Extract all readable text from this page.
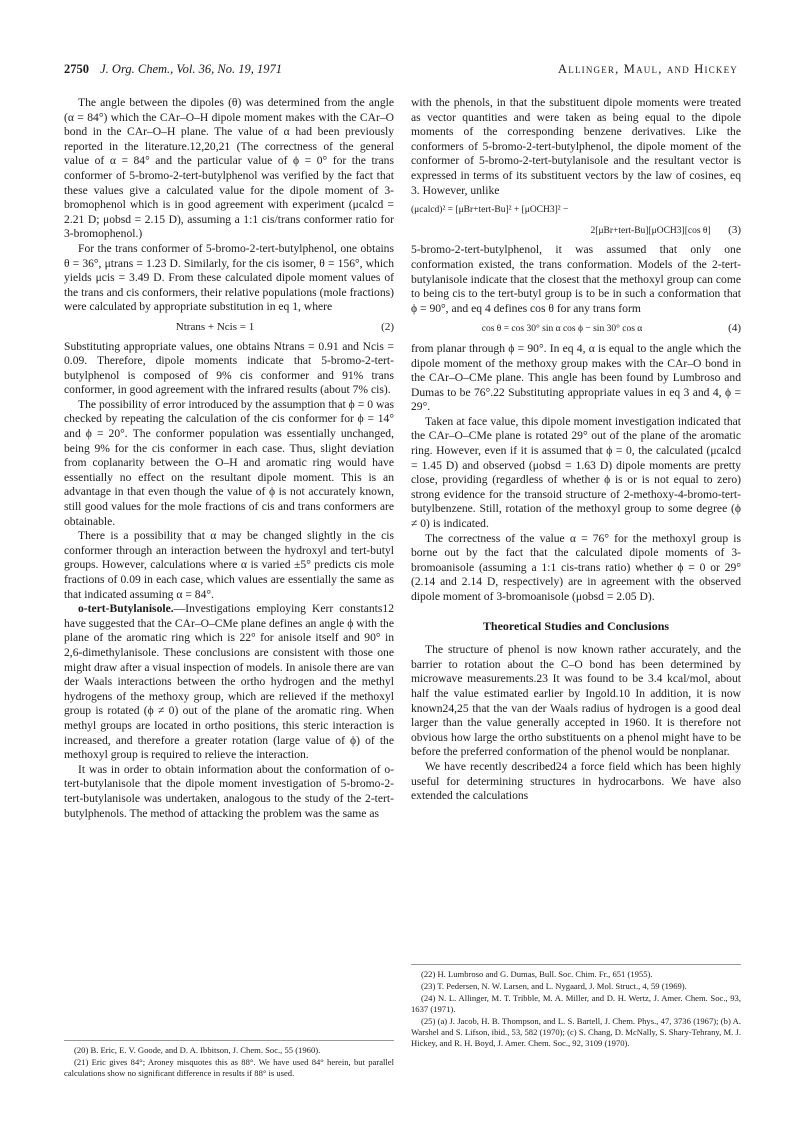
2750 J. Org. Chem., Vol. 36, No. 19, 1971	Allinger, Maul, and Hickey

The angle between the dipoles (θ) was determined from the angle (α = 84°) which the CAr–O–H dipole moment makes with the CAr–O bond in the CAr–O–H plane. The value of α had been previously reported in the literature.12,20,21 (The correctness of the general value of α = 84° and the particular value of ϕ = 0° for the trans conformer of 5-bromo-2-tert-butylphenol was verified by the fact that these values give a calculated value for the dipole moment of 3-bromophenol which is in good agreement with experiment (μcalcd = 2.21 D; μobsd = 2.15 D), assuming a 1:1 cis/trans conformer ratio for 3-bromophenol.)

For the trans conformer of 5-bromo-2-tert-butylphenol, one obtains θ = 36°, μtrans = 1.23 D. Similarly, for the cis isomer, θ = 156°, which yields μcis = 3.49 D. From these calculated dipole moment values of the trans and cis conformers, their relative populations (mole fractions) were calculated by appropriate substitution in eq 1, where

Ntrans + Ncis = 1	(2)

Substituting appropriate values, one obtains Ntrans = 0.91 and Ncis = 0.09. Therefore, dipole moments indicate that 5-bromo-2-tert-butylphenol is composed of 9% cis conformer and 91% trans conformer, in good agreement with the infrared results (about 7% cis).

The possibility of error introduced by the assumption that ϕ = 0 was checked by repeating the calculation of the cis conformer for ϕ = 14° and ϕ = 20°. The conformer population was essentially unchanged, being 9% for the cis conformer in each case. Thus, slight deviation from coplanarity between the O–H and aromatic ring would have essentially no effect on the resultant dipole moment. This is an advantage in that even though the value of ϕ is not accurately known, still good values for the mole fractions of cis and trans conformers are obtainable.

There is a possibility that α may be changed slightly in the cis conformer through an interaction between the hydroxyl and tert-butyl groups. However, calculations where α is varied ±5° predicts cis mole fractions of 0.09 in each case, which values are essentially the same as that indicated assuming α = 84°.

o-tert-Butylanisole.—Investigations employing Kerr constants12 have suggested that the CAr–O–CMe plane defines an angle ϕ with the plane of the aromatic ring which is 22° for anisole itself and 90° in 2,6-dimethylanisole. These conclusions are consistent with those one might draw after a visual inspection of models. In anisole there are van der Waals interactions between the ortho hydrogen and the methyl hydrogens of the methoxy group, which are relieved if the methoxyl group is rotated (ϕ ≠ 0) out of the plane of the aromatic ring. When methyl groups are located in ortho positions, this steric interaction is increased, and therefore a greater rotation (large value of ϕ) of the methoxyl group is required to relieve the interaction.

It was in order to obtain information about the conformation of o-tert-butylanisole that the dipole moment investigation of 5-bromo-2-tert-butylanisole was undertaken, analogous to the study of the 2-tert-butylphenols. The method of attacking the problem was the same as

(20) B. Eric, E. V. Goode, and D. A. Ibbitson, J. Chem. Soc., 55 (1960).

(21) Eric gives 84°; Aroney misquotes this as 88°. We have used 84° herein, but parallel calculations show no significant difference in results if 88° is used.

with the phenols, in that the substituent dipole moments were treated as vector quantities and were taken as being equal to the dipole moments of the corresponding benzene derivatives. Like the conformers of 5-bromo-2-tert-butylphenol, the dipole moment of the conformer of 5-bromo-2-tert-butylanisole and the resultant vector is expressed in terms of its substituent vectors by the law of cosines, eq 3. However, unlike

(μcalcd)² = [μBr+tert-Bu]² + [μOCH3]² −
2[μBr+tert-Bu][μOCH3][cos θ] (3)

5-bromo-2-tert-butylphenol, it was assumed that only one conformation existed, the trans conformation. Models of the 2-tert-butylanisole indicate that the closest that the methoxyl group can come to being cis to the tert-butyl group is to be in such a conformation that ϕ = 90°, and eq 4 defines cos θ for any trans form

cos θ = cos 30° sin α cos ϕ − sin 30° cos α	(4)

from planar through ϕ = 90°. In eq 4, α is equal to the angle which the dipole moment of the methoxy group makes with the CAr–O bond in the CAr–O–CMe plane. This angle has been found by Lumbroso and Dumas to be 76°.22 Substituting appropriate values in eq 3 and 4, ϕ = 29°.

Taken at face value, this dipole moment investigation indicated that the CAr–O–CMe plane is rotated 29° out of the plane of the aromatic ring. However, even if it is assumed that ϕ = 0, the calculated (μcalcd = 1.45 D) and observed (μobsd = 1.63 D) dipole moments are pretty close, providing (regardless of whether ϕ is or is not equal to zero) strong evidence for the transoid structure of 2-methoxy-4-bromo-tert-butylbenzene. Still, rotation of the methoxyl group to some degree (ϕ ≠ 0) is indicated.

The correctness of the value α = 76° for the methoxyl group is borne out by the fact that the calculated dipole moments of 3-bromoanisole (assuming a 1:1 cis-trans ratio) whether ϕ = 0 or 29° (2.14 and 2.14 D, respectively) are in agreement with the observed dipole moment of 3-bromoanisole (μobsd = 2.05 D).

Theoretical Studies and Conclusions

The structure of phenol is now known rather accurately, and the barrier to rotation about the C–O bond has been determined by microwave measurements.23 It was found to be 3.4 kcal/mol, about half the value estimated earlier by Ingold.10 In addition, it is now known24,25 that the van der Waals radius of hydrogen is a good deal larger than the value generally accepted in 1960. It is therefore not obvious how large the ortho substituents on a phenol might have to be before the preferred conformation of the phenol would be nonplanar.

We have recently described24 a force field which has been highly useful for determining structures in hydrocarbons. We have also extended the calculations

(22) H. Lumbroso and G. Dumas, Bull. Soc. Chim. Fr., 651 (1955).

(23) T. Pedersen, N. W. Larsen, and L. Nygaard, J. Mol. Struct., 4, 59 (1969).

(24) N. L. Allinger, M. T. Tribble, M. A. Miller, and D. H. Wertz, J. Amer. Chem. Soc., 93, 1637 (1971).

(25) (a) J. Jacob, H. B. Thompson, and L. S. Bartell, J. Chem. Phys., 47, 3736 (1967); (b) A. Warshel and S. Lifson, ibid., 53, 582 (1970); (c) S. Chang, D. McNally, S. Shary-Tehrany, M. J. Hickey, and R. H. Boyd, J. Amer. Chem. Soc., 92, 3109 (1970).
